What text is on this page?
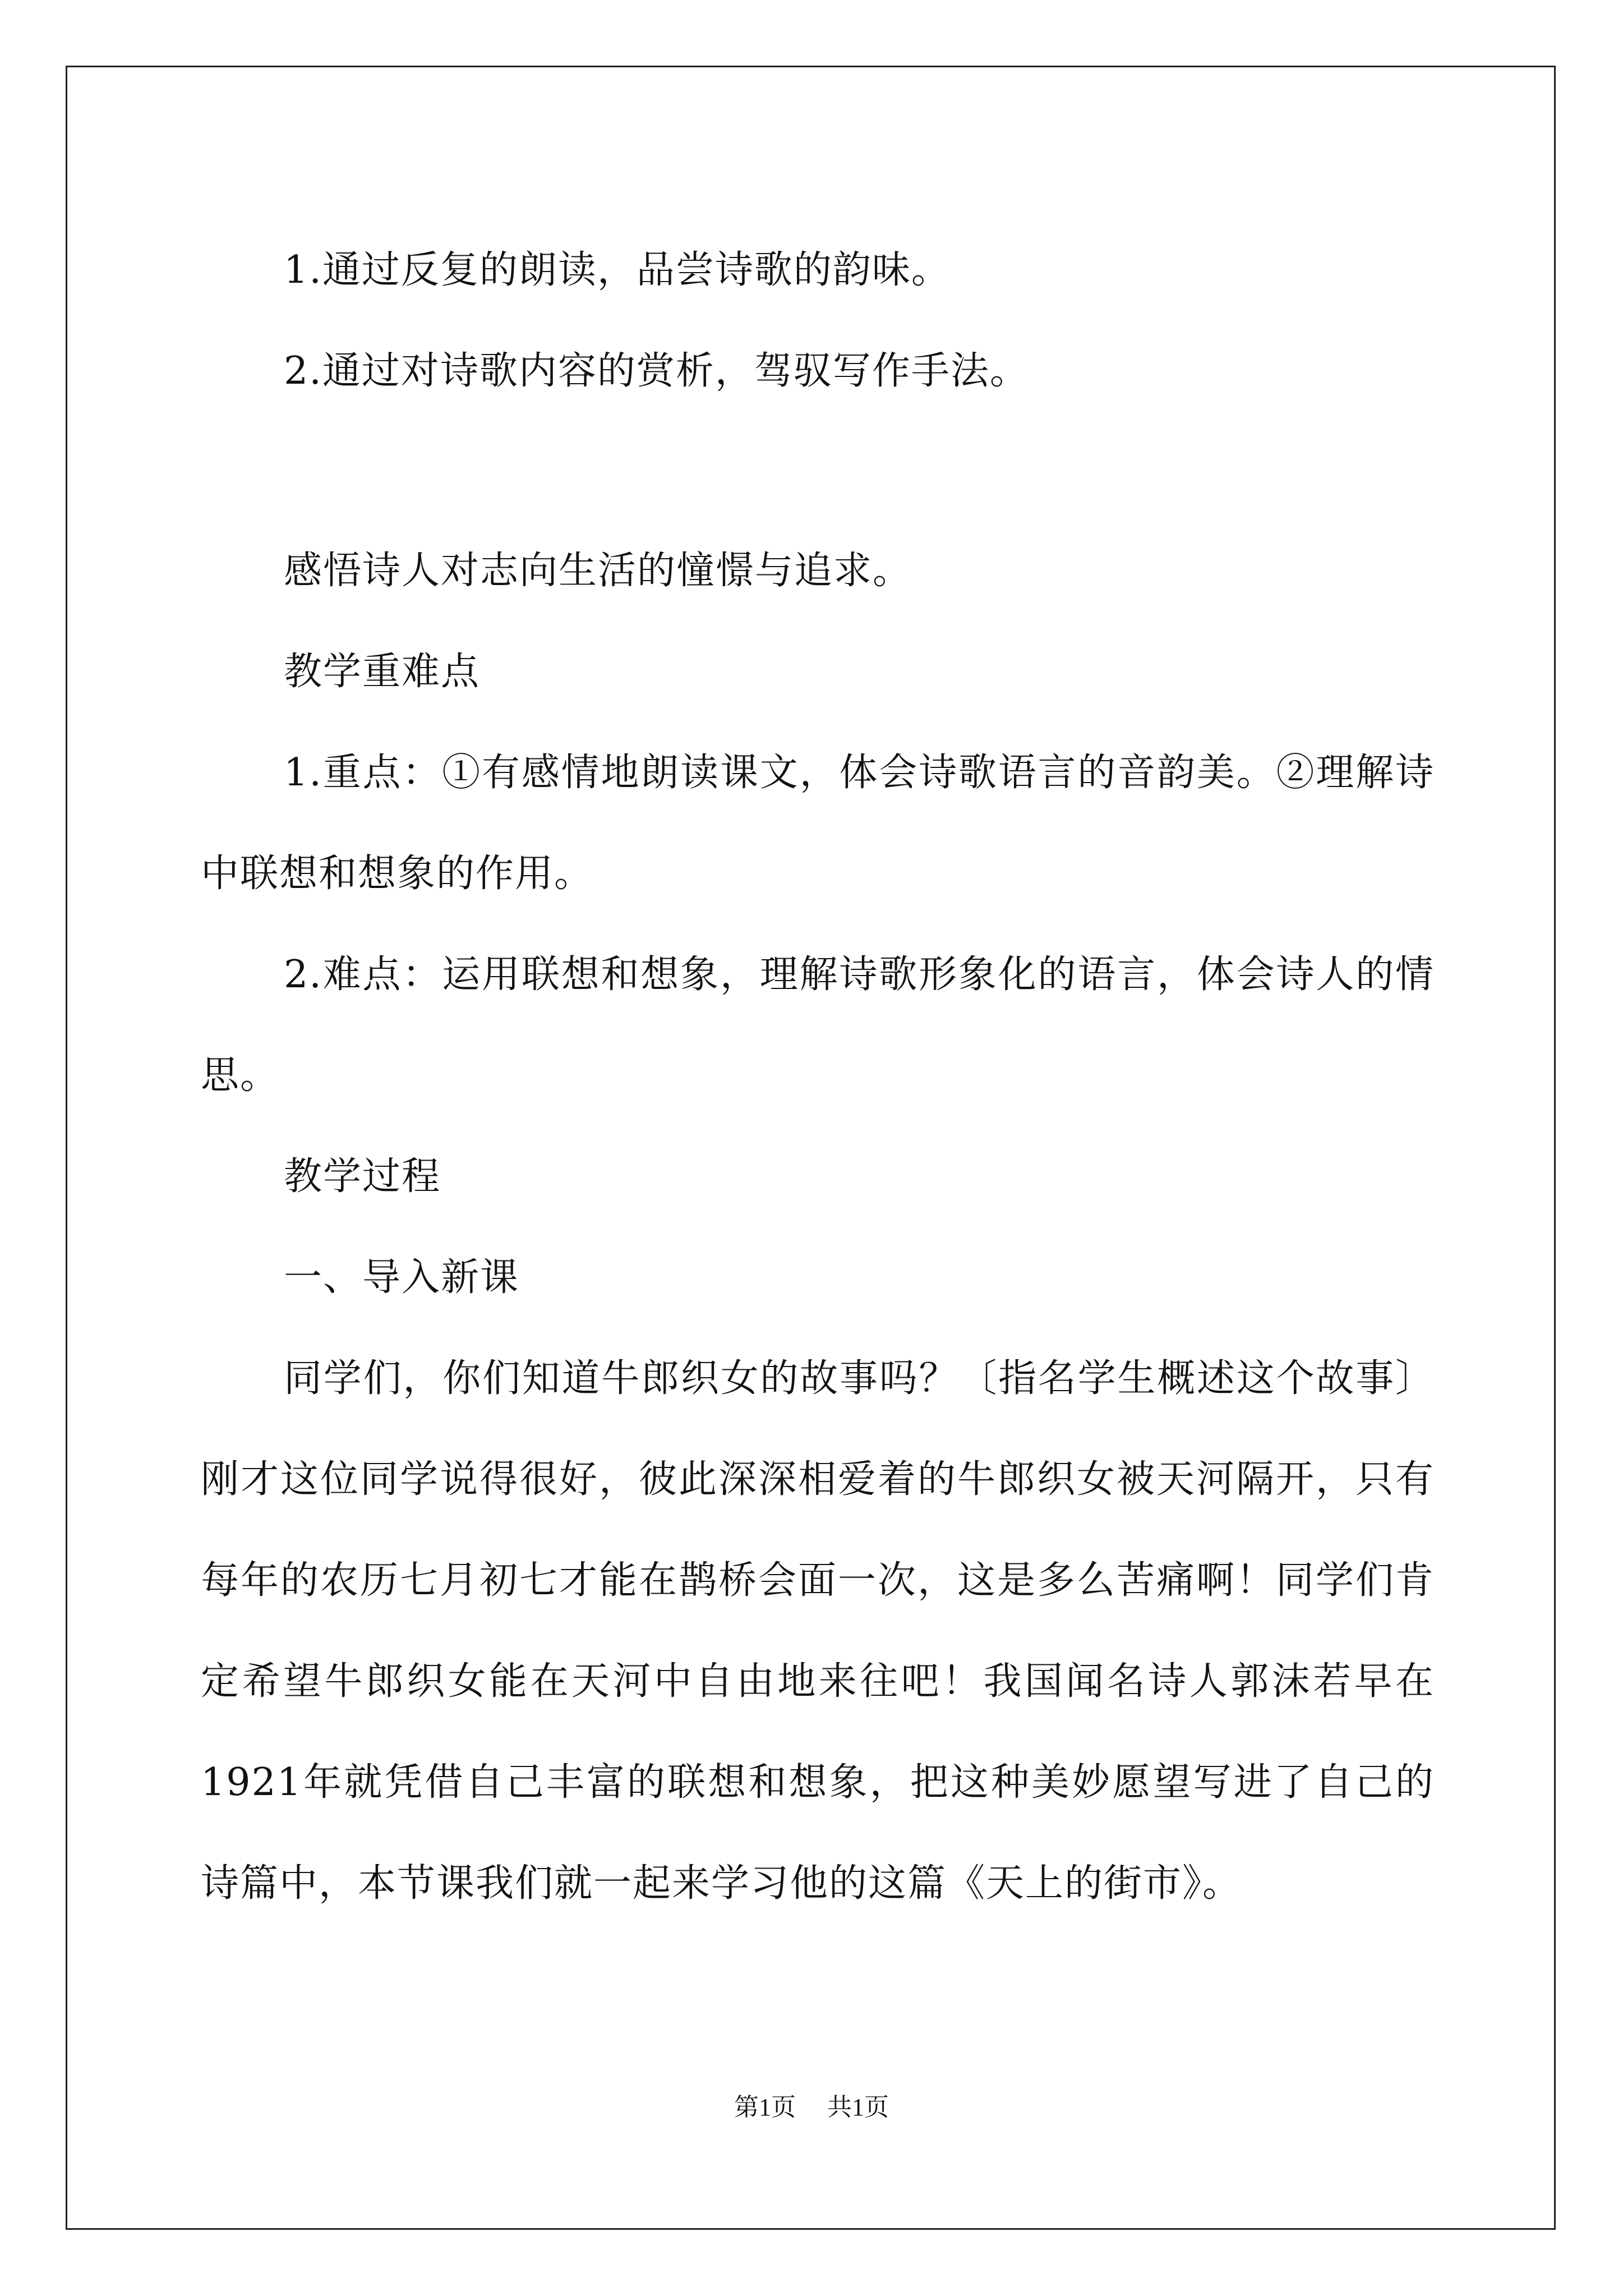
1.通过反复的朗读，品尝诗歌的韵味。

2.通过对诗歌内容的赏析，驾驭写作手法。

感悟诗人对志向生活的憧憬与追求。

教学重难点

1.重点：①有感情地朗读课文，体会诗歌语言的音韵美。②理解诗中联想和想象的作用。

2.难点：运用联想和想象，理解诗歌形象化的语言，体会诗人的情思。

教学过程

一、导入新课

同学们，你们知道牛郎织女的故事吗？〔指名学生概述这个故事〕刚才这位同学说得很好，彼此深深相爱着的牛郎织女被天河隔开，只有每年的农历七月初七才能在鹊桥会面一次，这是多么苦痛啊！同学们肯定希望牛郎织女能在天河中自由地来往吧！我国闻名诗人郭沫若早在1921年就凭借自己丰富的联想和想象，把这种美妙愿望写进了自己的诗篇中，本节课我们就一起来学习他的这篇《天上的街市》。

第1页 共1页
